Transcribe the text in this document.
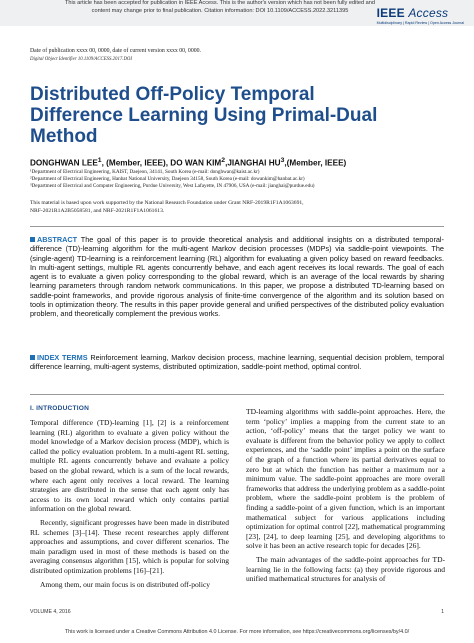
This article has been accepted for publication in IEEE Access. This is the author's version which has not been fully edited and
content may change prior to final publication. Citation information: DOI 10.1109/ACCESS.2022.3211395	IEEE Access
Multidisciplinary | Rapid Review | Open Access Journal
Date of publication xxxx 00, 0000, date of current version xxxx 00, 0000.
Digital Object Identifier 10.1109/ACCESS.2017.DOI
Distributed Off-Policy Temporal
Difference Learning Using Primal-Dual
Method
DONGHWAN LEE$^1$, (Member, IEEE), DO WAN KIM$^2$,JIANGHAI $HU^3,(Member$, IEEE)
¹Department of Electrical Engineering, KAIST, Daejeon, 34141, South Korea (e-mail: donghwan@kaist.ac.kr)
²Department of Electrical Engineering, Hanbat National University, Daejeon 34158, South Korea (e-mail: dowankim@hanbat.ac.kr)
³Department of Electrical and Computer Engineering, Purdue University, West Lafayette, IN 47906, USA (e-mail: jianghai@purdue.edu)
This material is based upon work supported by the National Research Foundation under Grant NRF-2019R1F1A1063691,
NRF-2021R1A2B5058581, and NRF-2021R1F1A1061613.
ABSTRACT The goal of this paper is to provide theoretical analysis and additional insights on a distributed temporal-difference (TD)-learning algorithm for the multi-agent Markov decision processes (MDPs) via saddle-point viewpoints. The (single-agent) TD-learning is a reinforcement learning (RL) algorithm for evaluating a given policy based on reward feedbacks. In multi-agent settings, multiple RL agents concurrently behave, and each agent receives its local rewards. The goal of each agent is to evaluate a given policy corresponding to the global reward, which is an average of the local rewards by sharing learning parameters through random network communications. In this paper, we propose a distributed TD-learning based on saddle-point frameworks, and provide rigorous analysis of finite-time convergence of the algorithm and its solution based on tools in optimization theory. The results in this paper provide general and unified perspectives of the distributed policy evaluation problem, and theoretically complement the previous works.
INDEX TERMS Reinforcement learning, Markov decision process, machine learning, sequential decision problem, temporal difference learning, multi-agent systems, distributed optimization, saddle-point method, optimal control.
I. INTRODUCTION

Temporal difference (TD)-learning [1], [2] is a reinforcement learning (RL) algorithm to evaluate a given policy without the model knowledge of a Markov decision process (MDP), which is called the policy evaluation problem. In a multi-agent RL setting, multiple RL agents concurrently behave and evaluate a policy based on the global reward, which is a sum of the local rewards, where each agent only receives a local reward. The learning strategies are distributed in the sense that each agent only has access to its own local reward which only contains partial information on the global reward.

Recently, significant progresses have been made in distributed RL schemes [3]–[14]. These recent researches apply different approaches and assumptions, and cover different scenarios. The main paradigm used in most of these methods is based on the averaging consensus algorithm [15], which is popular for solving distributed optimization problems [16]–[21].

Among them, our main focus is on distributed off-policy

TD-learning algorithms with saddle-point approaches. Here, the term ‘policy’ implies a mapping from the current state to an action, ‘off-policy’ means that the target policy we want to evaluate is different from the behavior policy we apply to collect experiences, and the ‘saddle point’ implies a point on the surface of the graph of a function where its partial derivatives equal to zero but at which the function has neither a maximum nor a minimum value. The saddle-point approaches are more overall frameworks that address the underlying problem as a saddle-point problem, where the saddle-point problem is the problem of finding a saddle-point of a given function, which is an important mathematical subject for various applications including optimization for optimal control [22], mathematical programming [23], [24], to deep learning [25], and developing algorithms to solve it has been an active research topic for decades [26].

The main advantages of the saddle-point approaches for TD-learning lie in the following facts: (a) they provide rigorous and unified mathematical structures for analysis of

VOLUME 4, 2016	1
This work is licensed under a Creative Commons Attribution 4.0 License. For more information, see https://creativecommons.org/licenses/by/4.0/
